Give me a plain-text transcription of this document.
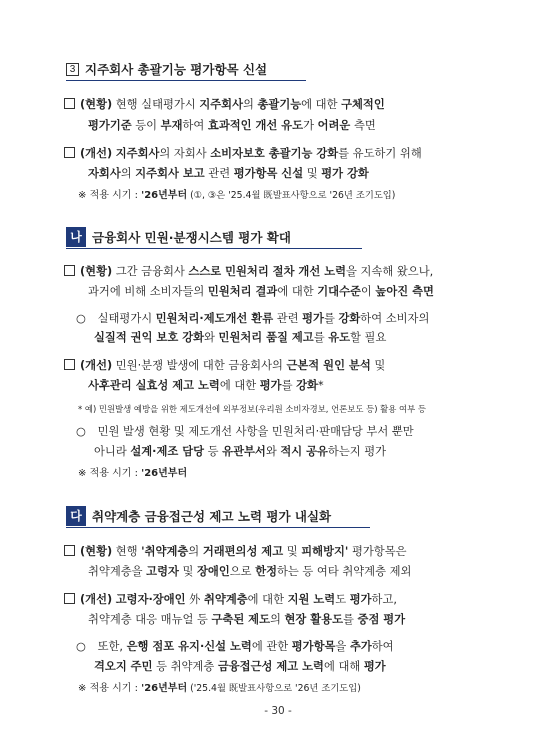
3 지주회사 총괄기능 평가항목 신설
(현황) 현행 실태평가시 지주회사의 총괄기능에 대한 구체적인
평가기준 등이 부재하여 효과적인 개선 유도가 어려운 측면
(개선) 지주회사의 자회사 소비자보호 총괄기능 강화를 유도하기 위해
자회사의 지주회사 보고 관련 평가항목 신설 및 평가 강화
※ 적용 시기 : '26년부터 (①, ③은 '25.4월 既발표사항으로 '26년 조기도입)
나 금융회사 민원·분쟁시스템 평가 확대
(현황) 그간 금융회사 스스로 민원처리 절차 개선 노력을 지속해 왔으나,
과거에 비해 소비자들의 민원처리 결과에 대한 기대수준이 높아진 측면
○ 실태평가시 민원처리·제도개선 환류 관련 평가를 강화하여 소비자의
실질적 권익 보호 강화와 민원처리 품질 제고를 유도할 필요
(개선) 민원·분쟁 발생에 대한 금융회사의 근본적 원인 분석 및
사후관리 실효성 제고 노력에 대한 평가를 강화*
* 예) 민원발생 예방을 위한 제도개선에 외부정보(우리원 소비자경보, 언론보도 등) 활용 여부 등
○ 민원 발생 현황 및 제도개선 사항을 민원처리·판매담당 부서 뿐만
아니라 설계·제조 담당 등 유관부서와 적시 공유하는지 평가
※ 적용 시기 : '26년부터
다 취약계층 금융접근성 제고 노력 평가 내실화
(현황) 현행 '취약계층의 거래편의성 제고 및 피해방지' 평가항목은
취약계층을 고령자 및 장애인으로 한정하는 등 여타 취약계층 제외
(개선) 고령자·장애인 外 취약계층에 대한 지원 노력도 평가하고,
취약계층 대응 매뉴얼 등 구축된 제도의 현장 활용도를 중점 평가
○ 또한, 은행 점포 유지·신설 노력에 관한 평가항목을 추가하여
격오지 주민 등 취약계층 금융접근성 제고 노력에 대해 평가
※ 적용 시기 : '26년부터 ('25.4월 既발표사항으로 '26년 조기도입)
- 30 -
